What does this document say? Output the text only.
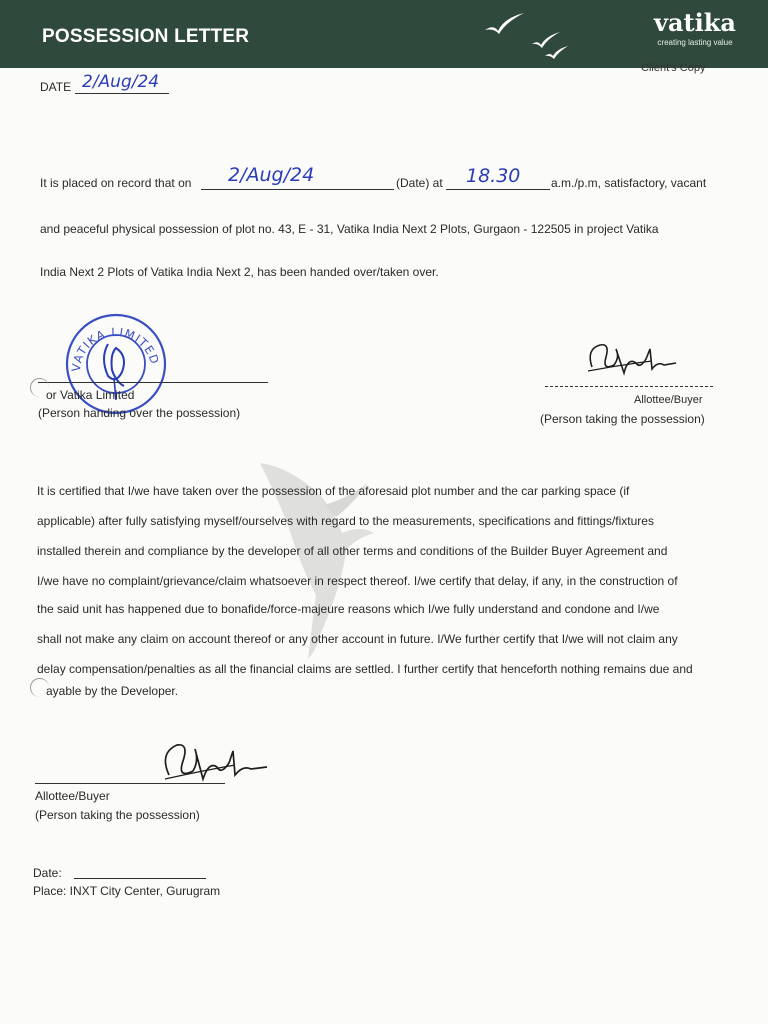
POSSESSION LETTER	vatika
creating lasting value
Client's Copy
DATE 2/Aug/24
It is placed on record that on 2/Aug/24	(Date) at 18.30	a.m./p.m, satisfactory, vacant
and peaceful physical possession of plot no. 43, E - 31, Vatika India Next 2 Plots, Gurgaon - 122505 in project Vatika
India Next 2 Plots of Vatika India Next 2, has been handed over/taken over.
VATIKA LIMITED
or Vatika Limited
(Person handing over the possession)
Allottee/Buyer
(Person taking the possession)
It is certified that I/we have taken over the possession of the aforesaid plot number and the car parking space (if
applicable) after fully satisfying myself/ourselves with regard to the measurements, specifications and fittings/fixtures
installed therein and compliance by the developer of all other terms and conditions of the Builder Buyer Agreement and
I/we have no complaint/grievance/claim whatsoever in respect thereof. I/we certify that delay, if any, in the construction of
the said unit has happened due to bonafide/force-majeure reasons which I/we fully understand and condone and I/we
shall not make any claim on account thereof or any other account in future. I/We further certify that I/we will not claim any
delay compensation/penalties as all the financial claims are settled. I further certify that henceforth nothing remains due and
ayable by the Developer.
Allottee/Buyer
(Person taking the possession)
Date:
Place: INXT City Center, Gurugram
